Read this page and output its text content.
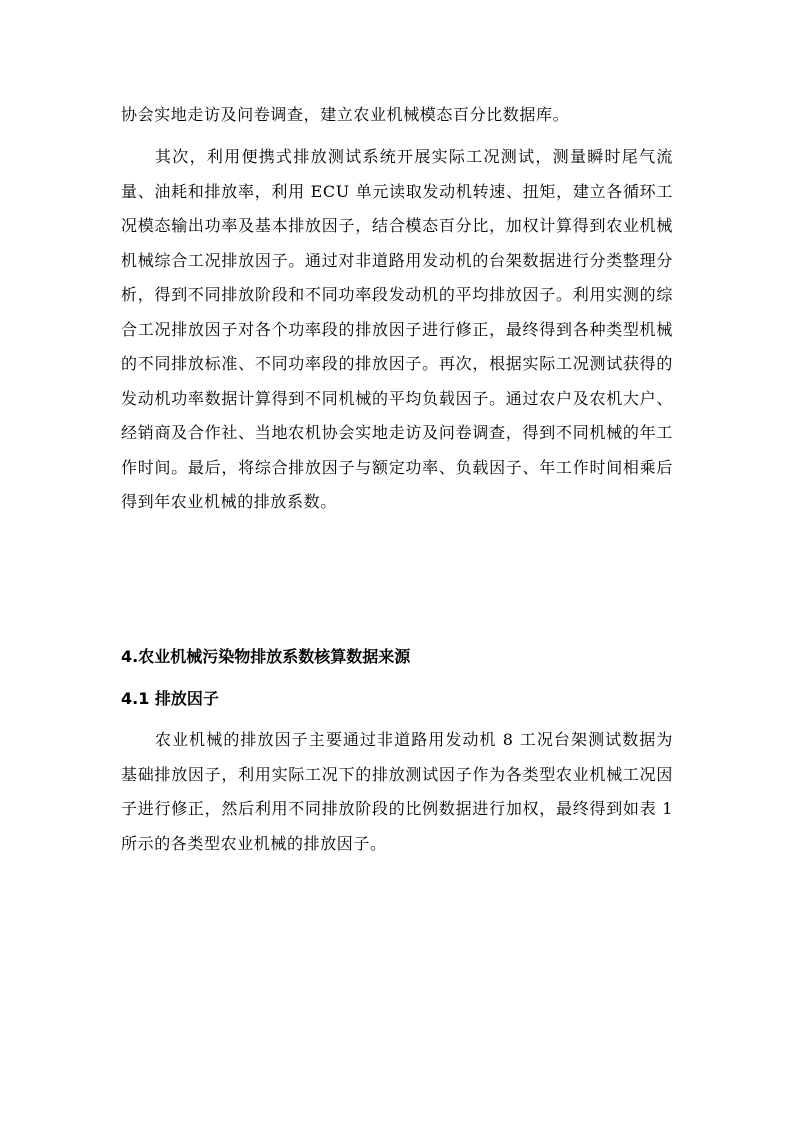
协会实地走访及问卷调查，建立农业机械模态百分比数据库。

其次，利用便携式排放测试系统开展实际工况测试，测量瞬时尾气流量、油耗和排放率，利用 ECU 单元读取发动机转速、扭矩，建立各循环工况模态输出功率及基本排放因子，结合模态百分比，加权计算得到农业机械机械综合工况排放因子。通过对非道路用发动机的台架数据进行分类整理分析，得到不同排放阶段和不同功率段发动机的平均排放因子。利用实测的综合工况排放因子对各个功率段的排放因子进行修正，最终得到各种类型机械的不同排放标准、不同功率段的排放因子。再次，根据实际工况测试获得的发动机功率数据计算得到不同机械的平均负载因子。通过农户及农机大户、经销商及合作社、当地农机协会实地走访及问卷调查，得到不同机械的年工作时间。最后，将综合排放因子与额定功率、负载因子、年工作时间相乘后得到年农业机械的排放系数。

4.农业机械污染物排放系数核算数据来源
4.1 排放因子

农业机械的排放因子主要通过非道路用发动机 8 工况台架测试数据为基础排放因子，利用实际工况下的排放测试因子作为各类型农业机械工况因子进行修正，然后利用不同排放阶段的比例数据进行加权，最终得到如表 1 所示的各类型农业机械的排放因子。
